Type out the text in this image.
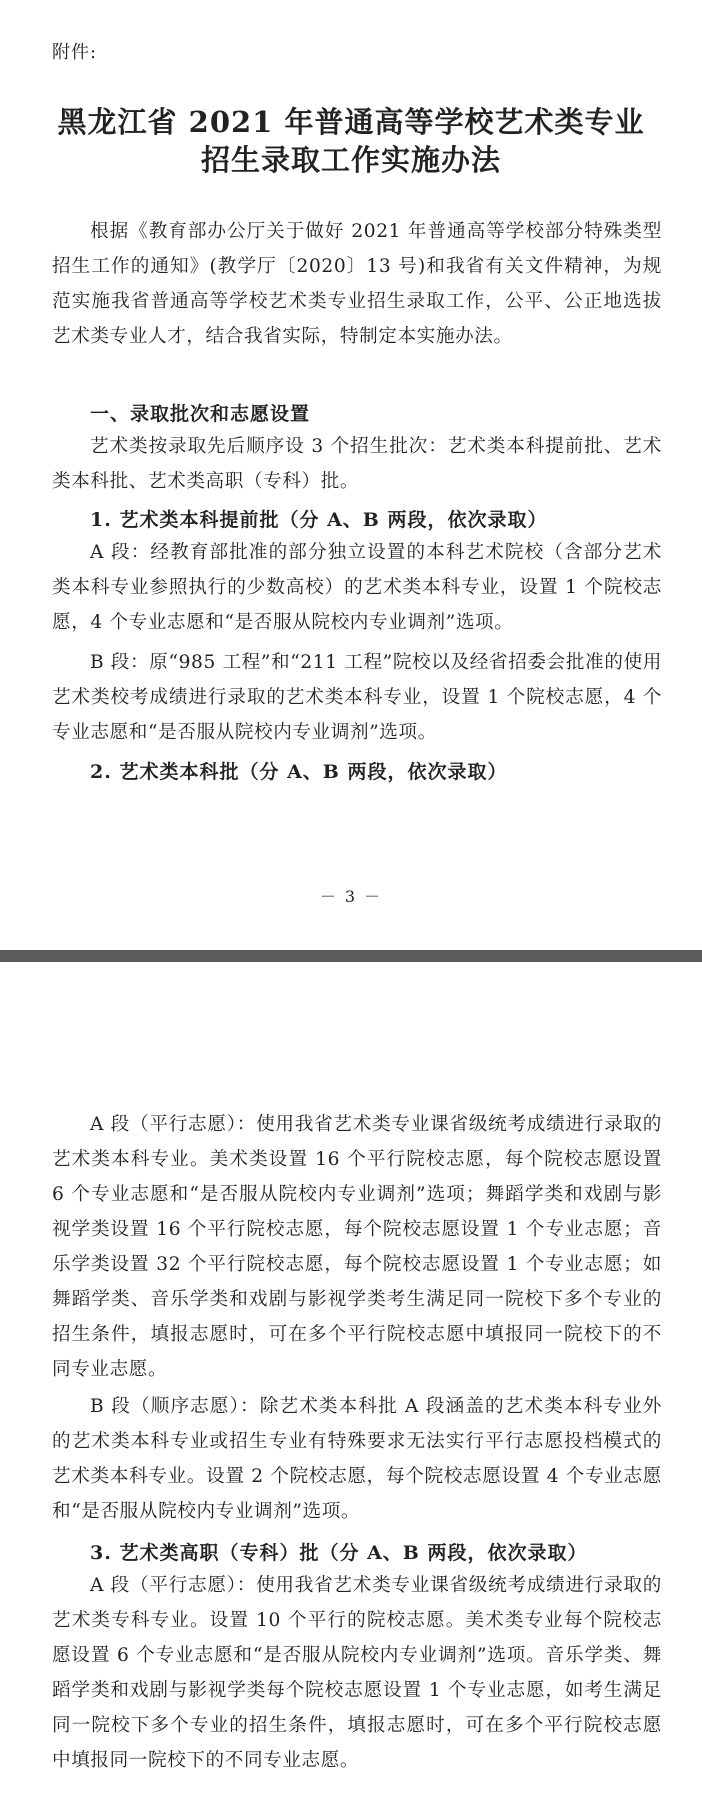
附件:
黑龙江省 2021 年普通高等学校艺术类专业
招生录取工作实施办法

根据《教育部办公厅关于做好 2021 年普通高等学校部分特殊类型招生工作的通知》(教学厅〔2020〕13 号)和我省有关文件精神，为规范实施我省普通高等学校艺术类专业招生录取工作，公平、公正地选拔艺术类专业人才，结合我省实际，特制定本实施办法。

一、录取批次和志愿设置

艺术类按录取先后顺序设 3 个招生批次：艺术类本科提前批、艺术类本科批、艺术类高职（专科）批。

1. 艺术类本科提前批（分 A、B 两段，依次录取）

A 段：经教育部批准的部分独立设置的本科艺术院校（含部分艺术类本科专业参照执行的少数高校）的艺术类本科专业，设置 1 个院校志愿，4 个专业志愿和“是否服从院校内专业调剂”选项。

B 段：原“985 工程”和“211 工程”院校以及经省招委会批准的使用艺术类校考成绩进行录取的艺术类本科专业，设置 1 个院校志愿，4 个专业志愿和“是否服从院校内专业调剂”选项。

2. 艺术类本科批（分 A、B 两段，依次录取）
－ 3 －

A 段（平行志愿）：使用我省艺术类专业课省级统考成绩进行录取的艺术类本科专业。美术类设置 16 个平行院校志愿，每个院校志愿设置 6 个专业志愿和“是否服从院校内专业调剂”选项；舞蹈学类和戏剧与影视学类设置 16 个平行院校志愿，每个院校志愿设置 1 个专业志愿；音乐学类设置 32 个平行院校志愿，每个院校志愿设置 1 个专业志愿；如舞蹈学类、音乐学类和戏剧与影视学类考生满足同一院校下多个专业的招生条件，填报志愿时，可在多个平行院校志愿中填报同一院校下的不同专业志愿。

B 段（顺序志愿）：除艺术类本科批 A 段涵盖的艺术类本科专业外的艺术类本科专业或招生专业有特殊要求无法实行平行志愿投档模式的艺术类本科专业。设置 2 个院校志愿，每个院校志愿设置 4 个专业志愿和“是否服从院校内专业调剂”选项。

3. 艺术类高职（专科）批（分 A、B 两段，依次录取）

A 段（平行志愿）：使用我省艺术类专业课省级统考成绩进行录取的艺术类专科专业。设置 10 个平行的院校志愿。美术类专业每个院校志愿设置 6 个专业志愿和“是否服从院校内专业调剂”选项。音乐学类、舞蹈学类和戏剧与影视学类每个院校志愿设置 1 个专业志愿，如考生满足同一院校下多个专业的招生条件，填报志愿时，可在多个平行院校志愿中填报同一院校下的不同专业志愿。
